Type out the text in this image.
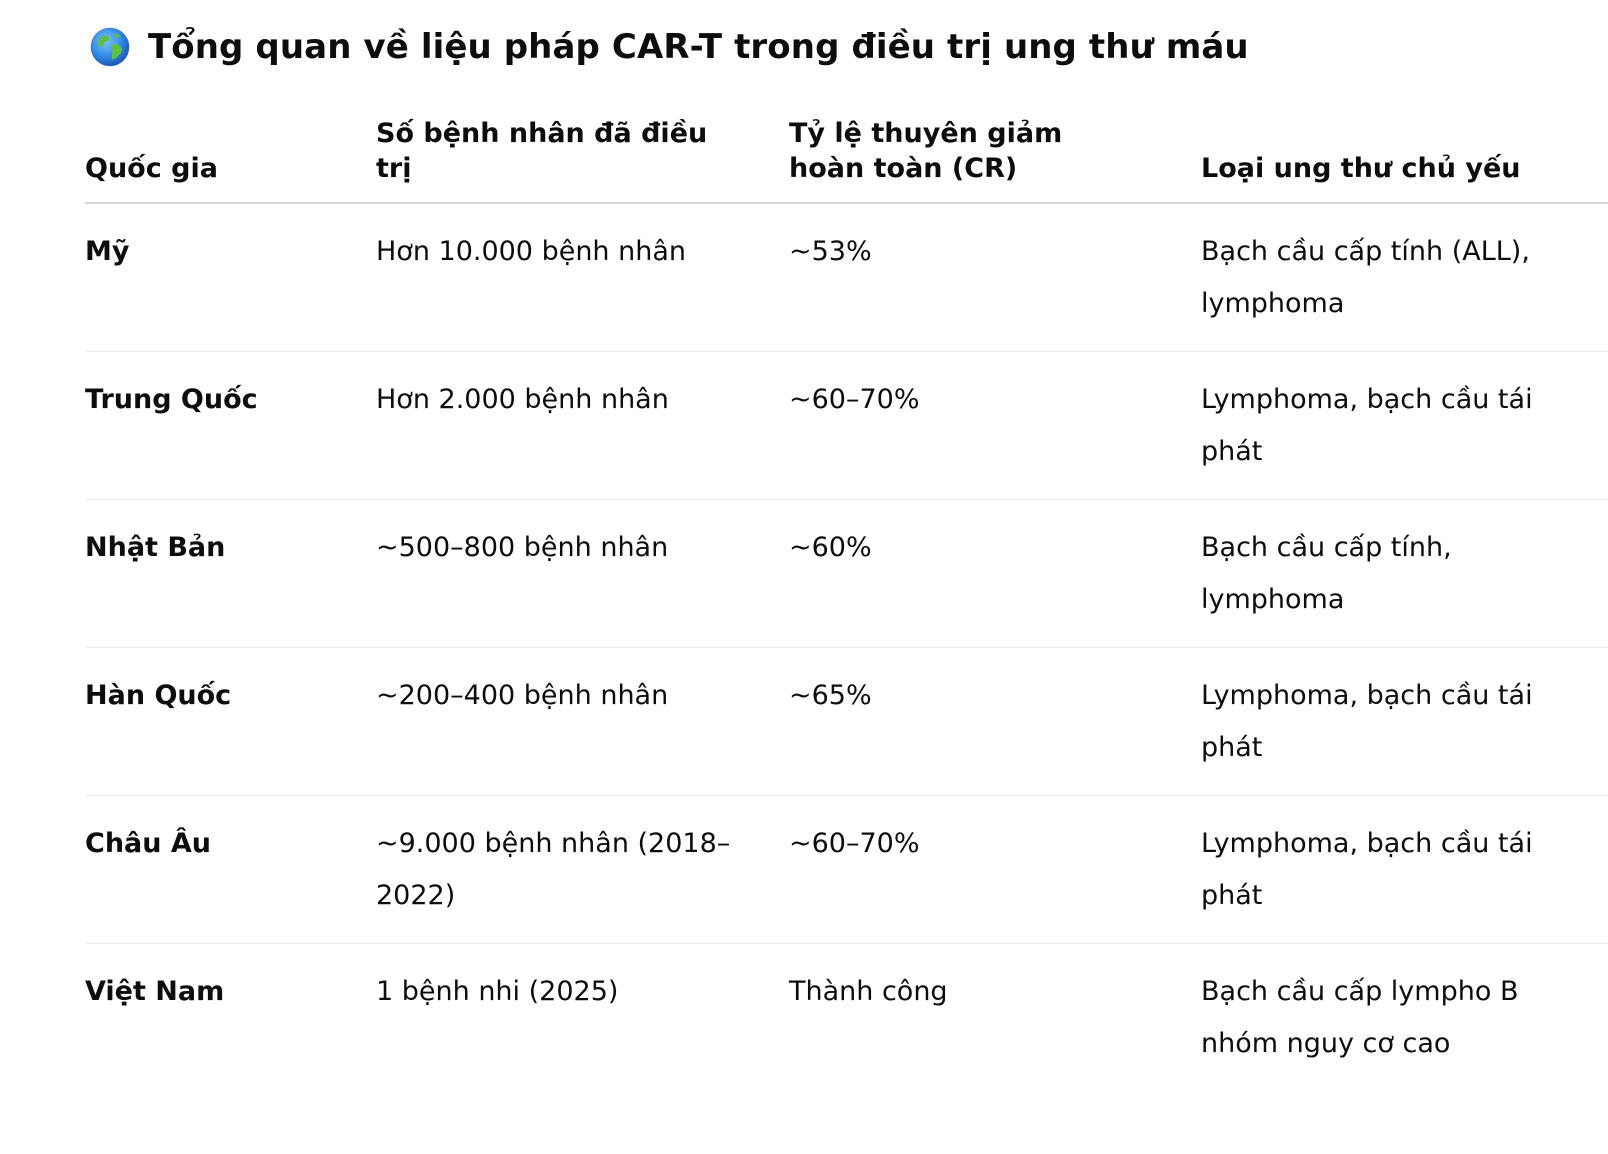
Tổng quan về liệu pháp CAR-T trong điều trị ung thư máu
Quốc gia	Số bệnh nhân đã điều trị	Tỷ lệ thuyên giảm hoàn toàn (CR)	Loại ung thư chủ yếu

Mỹ	Hơn 10.000 bệnh nhân	~53%	Bạch cầu cấp tính (ALL), lymphoma

Trung Quốc	Hơn 2.000 bệnh nhân	~60–70%	Lymphoma, bạch cầu tái phát

Nhật Bản	~500–800 bệnh nhân	~60%	Bạch cầu cấp tính, lymphoma

Hàn Quốc	~200–400 bệnh nhân	~65%	Lymphoma, bạch cầu tái phát

Châu Âu	~9.000 bệnh nhân (2018–2022)	~60–70%	Lymphoma, bạch cầu tái phát

Việt Nam	1 bệnh nhi (2025)	Thành công	Bạch cầu cấp lympho B nhóm nguy cơ cao
